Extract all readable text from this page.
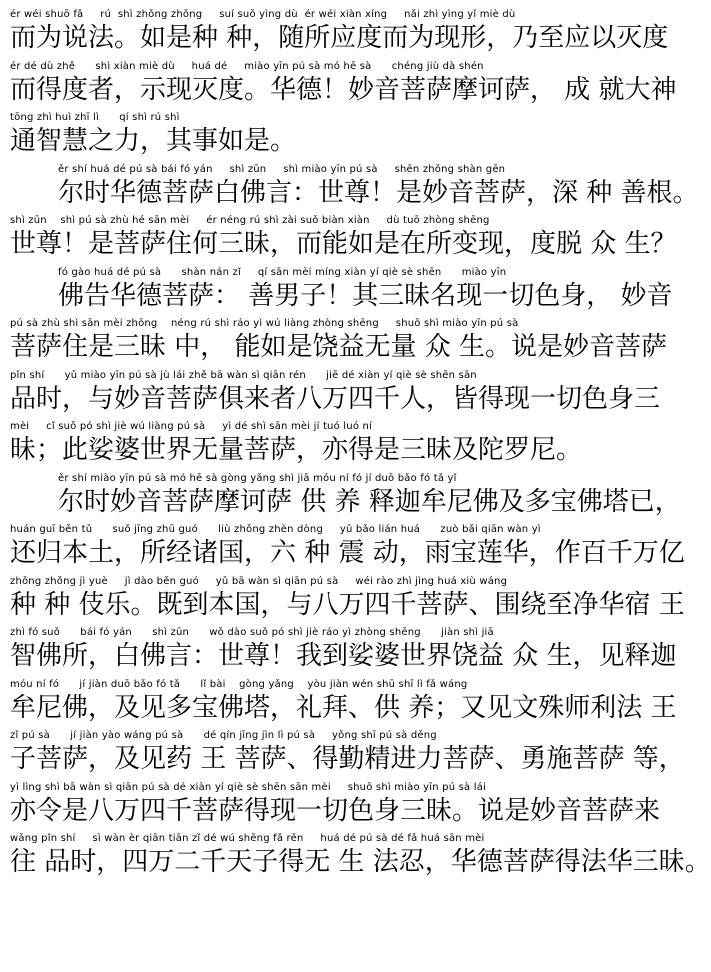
ér wéi shuō fǎ     rú  shì zhǒng zhǒng     suí suǒ yìng dù  ér wéi xiàn xíng     nǎi zhì yìng yǐ miè dù
而为说法。如是种 种，随所应度而为现形，乃至应以灭度
ér dé dù zhě      shì xiàn miè dù     huá dé     miào yīn pú sà mó hē sà      chéng jiù dà shén
而得度者，示现灭度。华德！妙音菩萨摩诃萨， 成 就大神
tōng zhì huì zhī lì      qí shì rú shì
通智慧之力，其事如是。
ěr shí huá dé pú sà bái fó yán     shì zūn     shì miào yīn pú sà     shēn zhǒng shàn gēn
尔时华德菩萨白佛言：世尊！是妙音菩萨，深 种 善根。
shì zūn    shì pú sà zhù hé sān mèi     ér néng rú shì zài suǒ biàn xiàn     dù tuō zhòng shēng
世尊！是菩萨住何三昧，而能如是在所变现，度脱 众 生？
fó gào huá dé pú sà      shàn nán zǐ     qí sān mèi míng xiàn yí qiè sè shēn      miào yīn
佛告华德菩萨： 善男子！其三昧名现一切色身， 妙音
pú sà zhù shì sān mèi zhōng    néng rú shì ráo yì wú liàng zhòng shēng     shuō shì miào yīn pú sà
菩萨住是三昧 中， 能如是饶益无量 众 生。说是妙音菩萨
pǐn shí      yǔ miào yīn pú sà jù lái zhě bā wàn sì qiān rén      jiē dé xiàn yí qiè sè shēn sān
品时，与妙音菩萨俱来者八万四千人，皆得现一切色身三
mèi     cǐ suǒ pó shì jiè wú liàng pú sà     yì dé shì sān mèi jí tuó luó ní
昧；此娑婆世界无量菩萨，亦得是三昧及陀罗尼。
ěr shí miào yīn pú sà mó hē sà gòng yǎng shì jiā móu ní fó jí duō bǎo fó tǎ yǐ
尔时妙音菩萨摩诃萨 供 养 释迦牟尼佛及多宝佛塔已，
huán guī běn tǔ      suǒ jīng zhū guó      liù zhǒng zhèn dòng     yǔ bǎo lián huá      zuò bǎi qiān wàn yì
还归本土，所经诸国，六 种 震 动，雨宝莲华，作百千万亿
zhǒng zhǒng jì yuè     jì dào běn guó     yǔ bā wàn sì qiān pú sà     wéi rào zhì jìng huá xiù wáng
种 种 伎乐。既到本国，与八万四千菩萨、围绕至净华宿 王
zhì fó suǒ      bái fó yán      shì zūn      wǒ dào suǒ pó shì jiè ráo yì zhòng shēng      jiàn shì jiā
智佛所，白佛言：世尊！我到娑婆世界饶益 众 生，见释迦
móu ní fó      jí jiàn duō bǎo fó tǎ      lǐ bài    gòng yǎng    yòu jiàn wén shū shī lì fǎ wáng
牟尼佛，及见多宝佛塔，礼拜、供 养；又见文殊师利法 王
zǐ pú sà      jí jiàn yào wáng pú sà      dé qín jīng jìn lì pú sà     yǒng shī pú sà děng
子菩萨，及见药 王 菩萨、得勤精进力菩萨、勇施菩萨 等，
yì lìng shì bā wàn sì qiān pú sà dé xiàn yí qiè sè shēn sān mèi     shuō shì miào yīn pú sà lái
亦令是八万四千菩萨得现一切色身三昧。说是妙音菩萨来
wǎng pǐn shí     sì wàn èr qiān tiān zǐ dé wú shēng fǎ rěn     huá dé pú sà dé fǎ huá sān mèi
往 品时，四万二千天子得无 生 法忍，华德菩萨得法华三昧。
